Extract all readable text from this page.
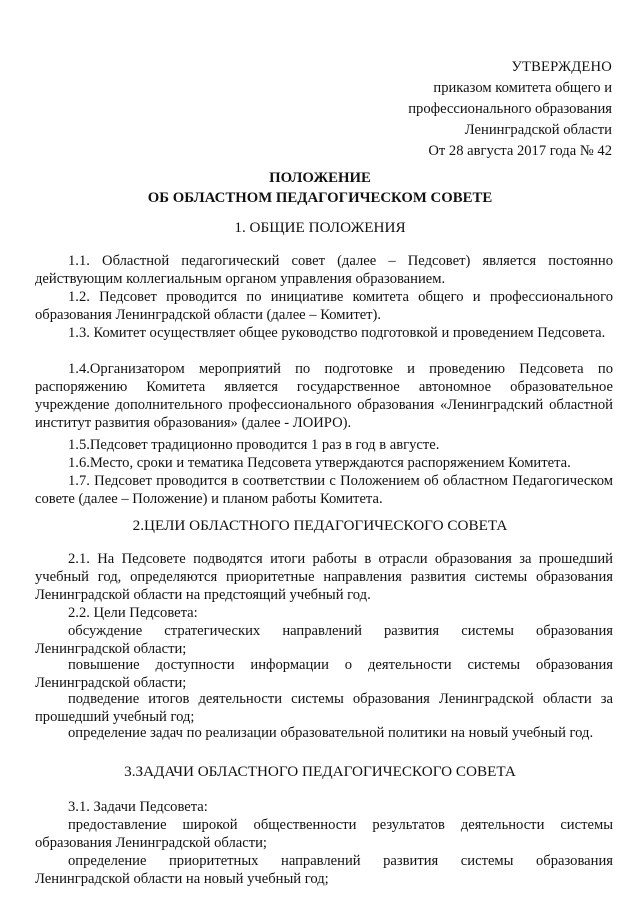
УТВЕРЖДЕНО
приказом комитета общего и
профессионального образования
Ленинградской области
От 28 августа 2017 года № 42
ПОЛОЖЕНИЕ
ОБ ОБЛАСТНОМ ПЕДАГОГИЧЕСКОМ СОВЕТЕ
1. ОБЩИЕ ПОЛОЖЕНИЯ

1.1. Областной педагогический совет (далее – Педсовет) является постоянно действующим коллегиальным органом управления образованием.

1.2. Педсовет проводится по инициативе комитета общего и профессионального образования Ленинградской области (далее – Комитет).

1.3. Комитет осуществляет общее руководство подготовкой и проведением Педсовета.

1.4.Организатором мероприятий по подготовке и проведению Педсовета по распоряжению Комитета является государственное автономное образовательное учреждение дополнительного профессионального образования «Ленинградский областной институт развития образования» (далее - ЛОИРО).

1.5.Педсовет традиционно проводится 1 раз в год в августе.

1.6.Место, сроки и тематика Педсовета утверждаются распоряжением Комитета.

1.7. Педсовет проводится в соответствии с Положением об областном Педагогическом совете (далее – Положение) и планом работы Комитета.

2.ЦЕЛИ ОБЛАСТНОГО ПЕДАГОГИЧЕСКОГО СОВЕТА

2.1. На Педсовете подводятся итоги работы в отрасли образования за прошедший учебный год, определяются приоритетные направления развития системы образования Ленинградской области на предстоящий учебный год.

2.2. Цели Педсовета:

обсуждение стратегических направлений развития системы образования Ленинградской области;

повышение доступности информации о деятельности системы образования Ленинградской области;

подведение итогов деятельности системы образования Ленинградской области за прошедший учебный год;

определение задач по реализации образовательной политики на новый учебный год.

3.ЗАДАЧИ ОБЛАСТНОГО ПЕДАГОГИЧЕСКОГО СОВЕТА

3.1. Задачи Педсовета:

предоставление широкой общественности результатов деятельности системы образования Ленинградской области;

определение приоритетных направлений развития системы образования Ленинградской области на новый учебный год;
